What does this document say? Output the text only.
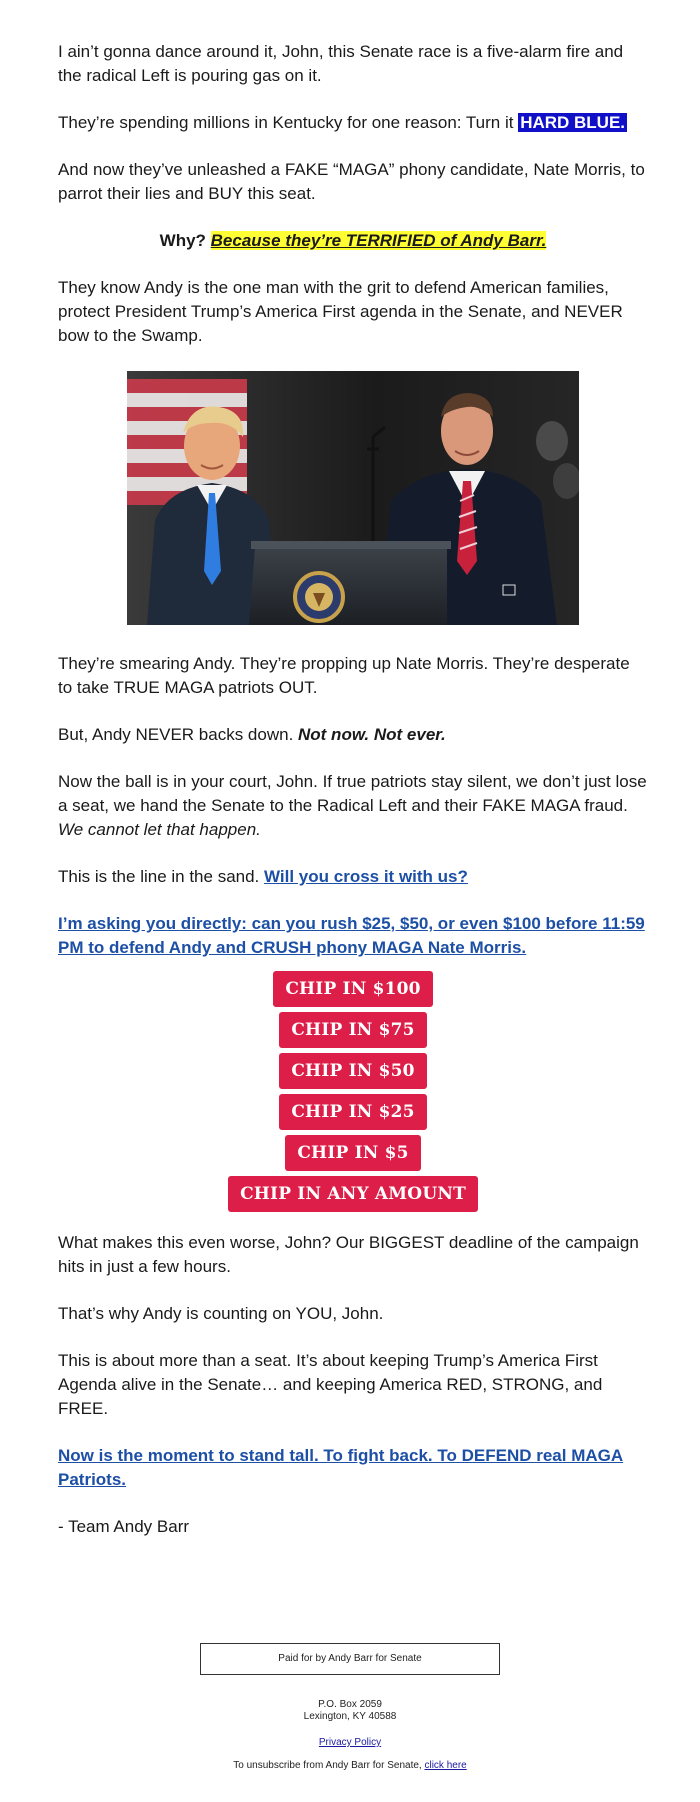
I ain’t gonna dance around it, John, this Senate race is a five-alarm fire and the radical Left is pouring gas on it.

They’re spending millions in Kentucky for one reason: Turn it HARD BLUE.

And now they’ve unleashed a FAKE “MAGA” phony candidate, Nate Morris, to parrot their lies and BUY this seat.

Why? Because they’re TERRIFIED of Andy Barr.

They know Andy is the one man with the grit to defend American families, protect President Trump’s America First agenda in the Senate, and NEVER bow to the Swamp.

They’re smearing Andy. They’re propping up Nate Morris. They’re desperate to take TRUE MAGA patriots OUT.

But, Andy NEVER backs down. Not now. Not ever.

Now the ball is in your court, John. If true patriots stay silent, we don’t just lose a seat, we hand the Senate to the Radical Left and their FAKE MAGA fraud. We cannot let that happen.

This is the line in the sand. Will you cross it with us?

I’m asking you directly: can you rush $25, $50, or even $100 before 11:59 PM to defend Andy and CRUSH phony MAGA Nate Morris.

CHIP IN $100
CHIP IN $75
CHIP IN $50
CHIP IN $25
CHIP IN $5
CHIP IN ANY AMOUNT

What makes this even worse, John? Our BIGGEST deadline of the campaign hits in just a few hours.

That’s why Andy is counting on YOU, John.

This is about more than a seat. It’s about keeping Trump’s America First Agenda alive in the Senate… and keeping America RED, STRONG, and FREE.

Now is the moment to stand tall. To fight back. To DEFEND real MAGA Patriots.

- Team Andy Barr

Paid for by Andy Barr for Senate
P.O. Box 2059
Lexington, KY 40588
Privacy Policy
To unsubscribe from Andy Barr for Senate, click here
